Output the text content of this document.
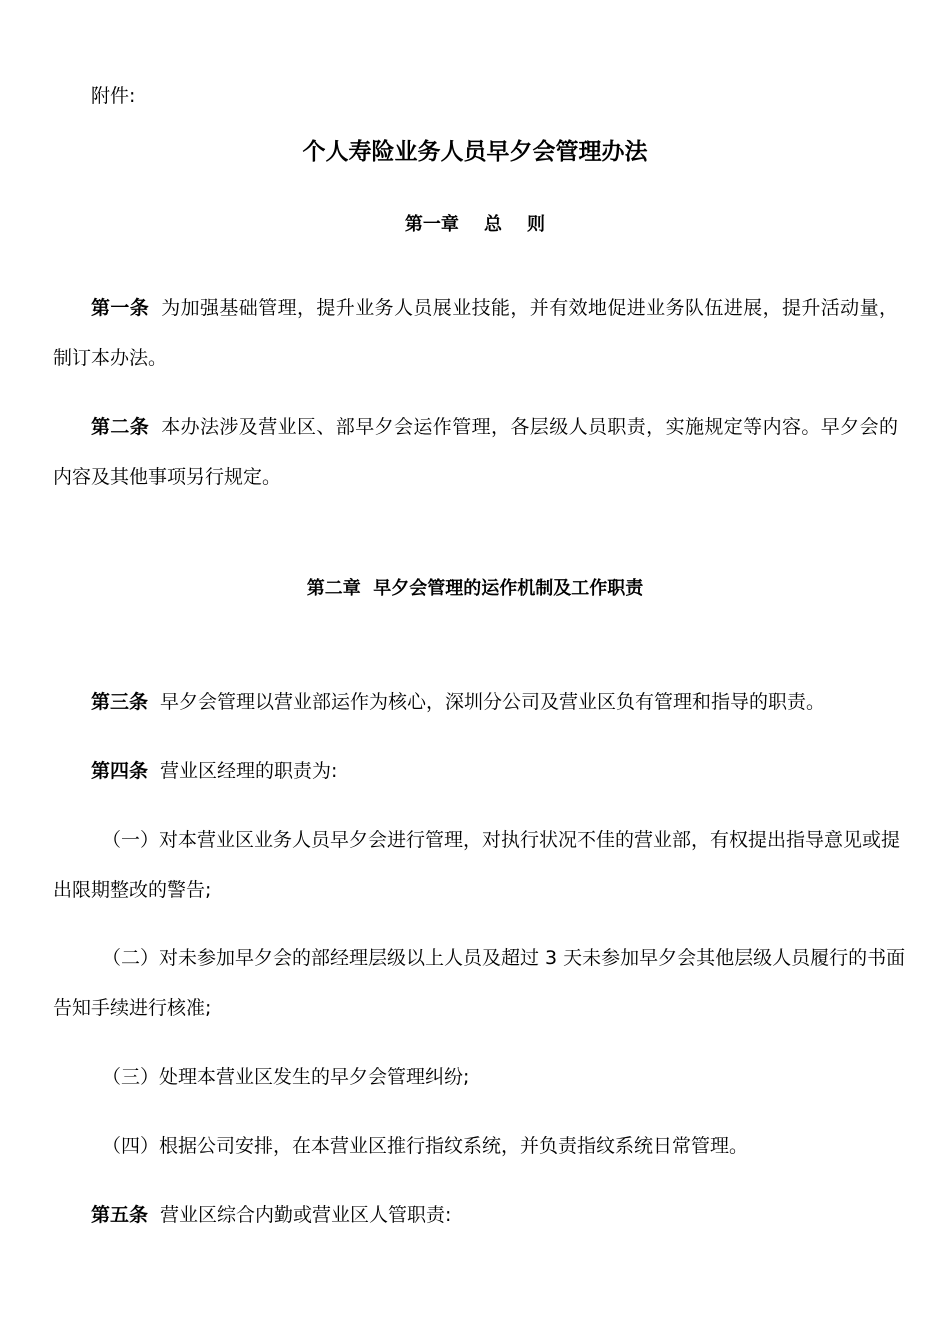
附件:
个人寿险业务人员早夕会管理办法
第一章    总    则
第一条 为加强基础管理，提升业务人员展业技能，并有效地促进业务队伍进展，提升活动量，
制订本办法。
第二条 本办法涉及营业区、部早夕会运作管理，各层级人员职责，实施规定等内容。早夕会的
内容及其他事项另行规定。
第二章  早夕会管理的运作机制及工作职责
第三条 早夕会管理以营业部运作为核心，深圳分公司及营业区负有管理和指导的职责。
第四条 营业区经理的职责为:
（一）对本营业区业务人员早夕会进行管理，对执行状况不佳的营业部，有权提出指导意见或提
出限期整改的警告;
（二）对未参加早夕会的部经理层级以上人员及超过 3 天未参加早夕会其他层级人员履行的书面
告知手续进行核准;
（三）处理本营业区发生的早夕会管理纠纷;
（四）根据公司安排，在本营业区推行指纹系统，并负责指纹系统日常管理。
第五条 营业区综合内勤或营业区人管职责:
